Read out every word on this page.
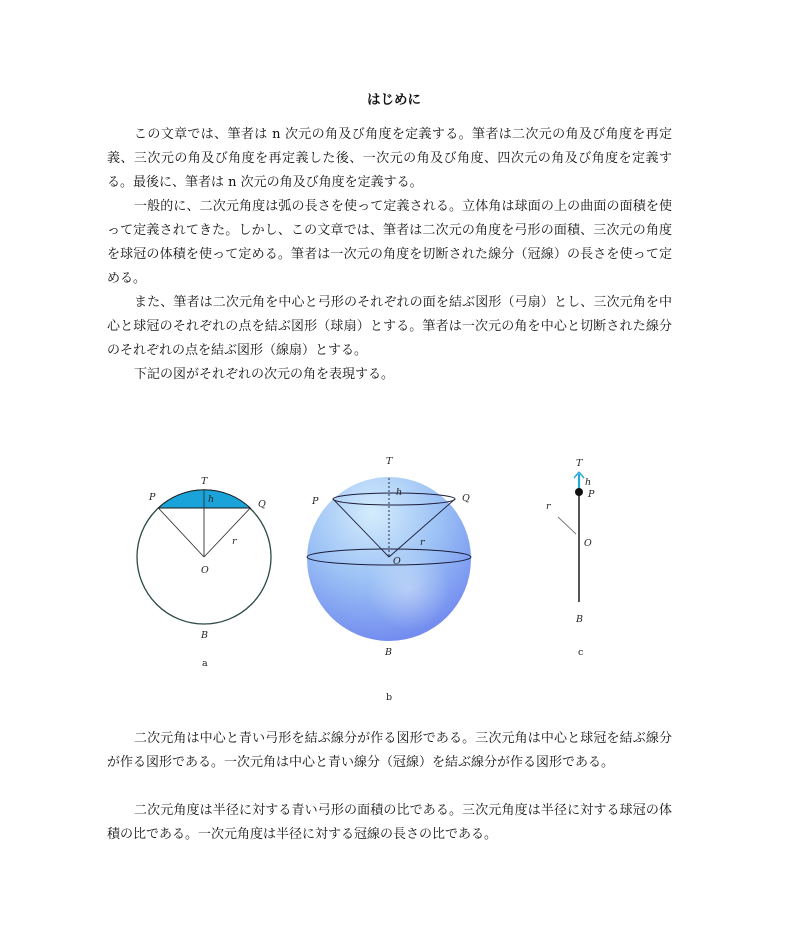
はじめに

この文章では、筆者は n 次元の角及び角度を定義する。筆者は二次元の角及び角度を再定義、三次元の角及び角度を再定義した後、一次元の角及び角度、四次元の角及び角度を定義する。最後に、筆者は n 次元の角及び角度を定義する。

一般的に、二次元角度は弧の長さを使って定義される。立体角は球面の上の曲面の面積を使って定義されてきた。しかし、この文章では、筆者は二次元の角度を弓形の面積、三次元の角度を球冠の体積を使って定める。筆者は一次元の角度を切断された線分（冠線）の長さを使って定める。

また、筆者は二次元角を中心と弓形のそれぞれの面を結ぶ図形（弓扇）とし、三次元角を中心と球冠のそれぞれの点を結ぶ図形（球扇）とする。筆者は一次元の角を中心と切断された線分のそれぞれの点を結ぶ図形（線扇）とする。

下記の図がそれぞれの次元の角を表現する。

T
P
Q
h
r
O
B
a
T
P	Q
h
r
O
B
b
T
h
P
r
O
B
c

二次元角は中心と青い弓形を結ぶ線分が作る図形である。三次元角は中心と球冠を結ぶ線分が作る図形である。一次元角は中心と青い線分（冠線）を結ぶ線分が作る図形である。

二次元角度は半径に対する青い弓形の面積の比である。三次元角度は半径に対する球冠の体積の比である。一次元角度は半径に対する冠線の長さの比である。
